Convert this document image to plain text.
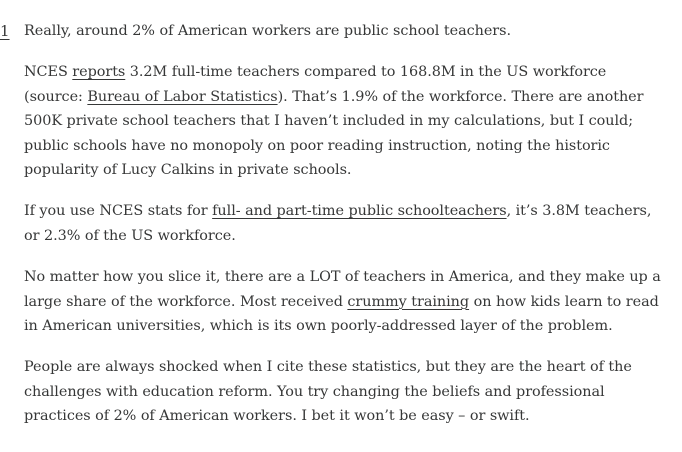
1 Really, around 2% of American workers are public school teachers.

NCES reports 3.2M full-time teachers compared to 168.8M in the US workforce (source: Bureau of Labor Statistics). That’s 1.9% of the workforce. There are another 500K private school teachers that I haven’t included in my calculations, but I could; public schools have no monopoly on poor reading instruction, noting the historic popularity of Lucy Calkins in private schools.

If you use NCES stats for full- and part-time public schoolteachers, it’s 3.8M teachers, or 2.3% of the US workforce.

No matter how you slice it, there are a LOT of teachers in America, and they make up a large share of the workforce. Most received crummy training on how kids learn to read in American universities, which is its own poorly-addressed layer of the problem.

People are always shocked when I cite these statistics, but they are the heart of the challenges with education reform. You try changing the beliefs and professional practices of 2% of American workers. I bet it won’t be easy – or swift.
